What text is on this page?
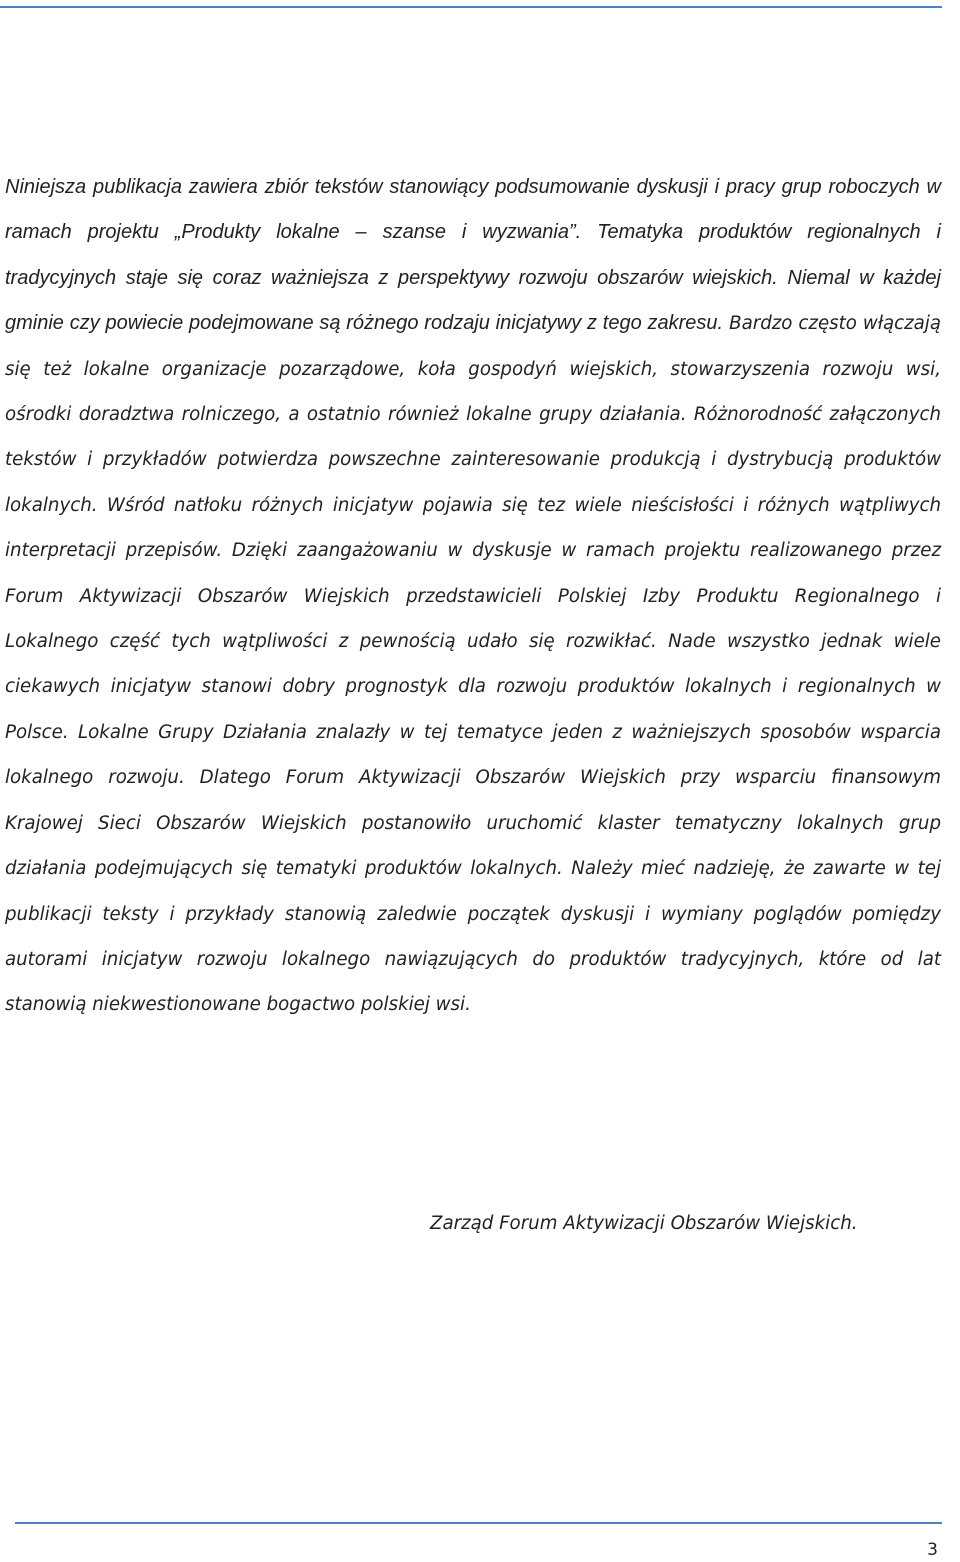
Niniejsza publikacja zawiera zbiór tekstów stanowiący podsumowanie dyskusji i pracy grup roboczych w ramach projektu „Produkty lokalne – szanse i wyzwania”. Tematyka produktów regionalnych i tradycyjnych staje się coraz ważniejsza z perspektywy rozwoju obszarów wiejskich. Niemal w każdej gminie czy powiecie podejmowane są różnego rodzaju inicjatywy z tego zakresu. Bardzo często włączają się też lokalne organizacje pozarządowe, koła gospodyń wiejskich, stowarzyszenia rozwoju wsi, ośrodki doradztwa rolniczego, a ostatnio również lokalne grupy działania. Różnorodność załączonych tekstów i przykładów potwierdza powszechne zainteresowanie produkcją i dystrybucją produktów lokalnych. Wśród natłoku różnych inicjatyw pojawia się tez wiele nieścisłości i różnych wątpliwych interpretacji przepisów. Dzięki zaangażowaniu w dyskusje w ramach projektu realizowanego przez Forum Aktywizacji Obszarów Wiejskich przedstawicieli Polskiej Izby Produktu Regionalnego i Lokalnego część tych wątpliwości z pewnością udało się rozwikłać. Nade wszystko jednak wiele ciekawych inicjatyw stanowi dobry prognostyk dla rozwoju produktów lokalnych i regionalnych w Polsce. Lokalne Grupy Działania znalazły w tej tematyce jeden z ważniejszych sposobów wsparcia lokalnego rozwoju. Dlatego Forum Aktywizacji Obszarów Wiejskich przy wsparciu finansowym Krajowej Sieci Obszarów Wiejskich postanowiło uruchomić klaster tematyczny lokalnych grup działania podejmujących się tematyki produktów lokalnych. Należy mieć nadzieję, że zawarte w tej publikacji teksty i przykłady stanowią zaledwie początek dyskusji i wymiany poglądów pomiędzy autorami inicjatyw rozwoju lokalnego nawiązujących do produktów tradycyjnych, które od lat stanowią niekwestionowane bogactwo polskiej wsi.

Zarząd Forum Aktywizacji Obszarów Wiejskich.

3
